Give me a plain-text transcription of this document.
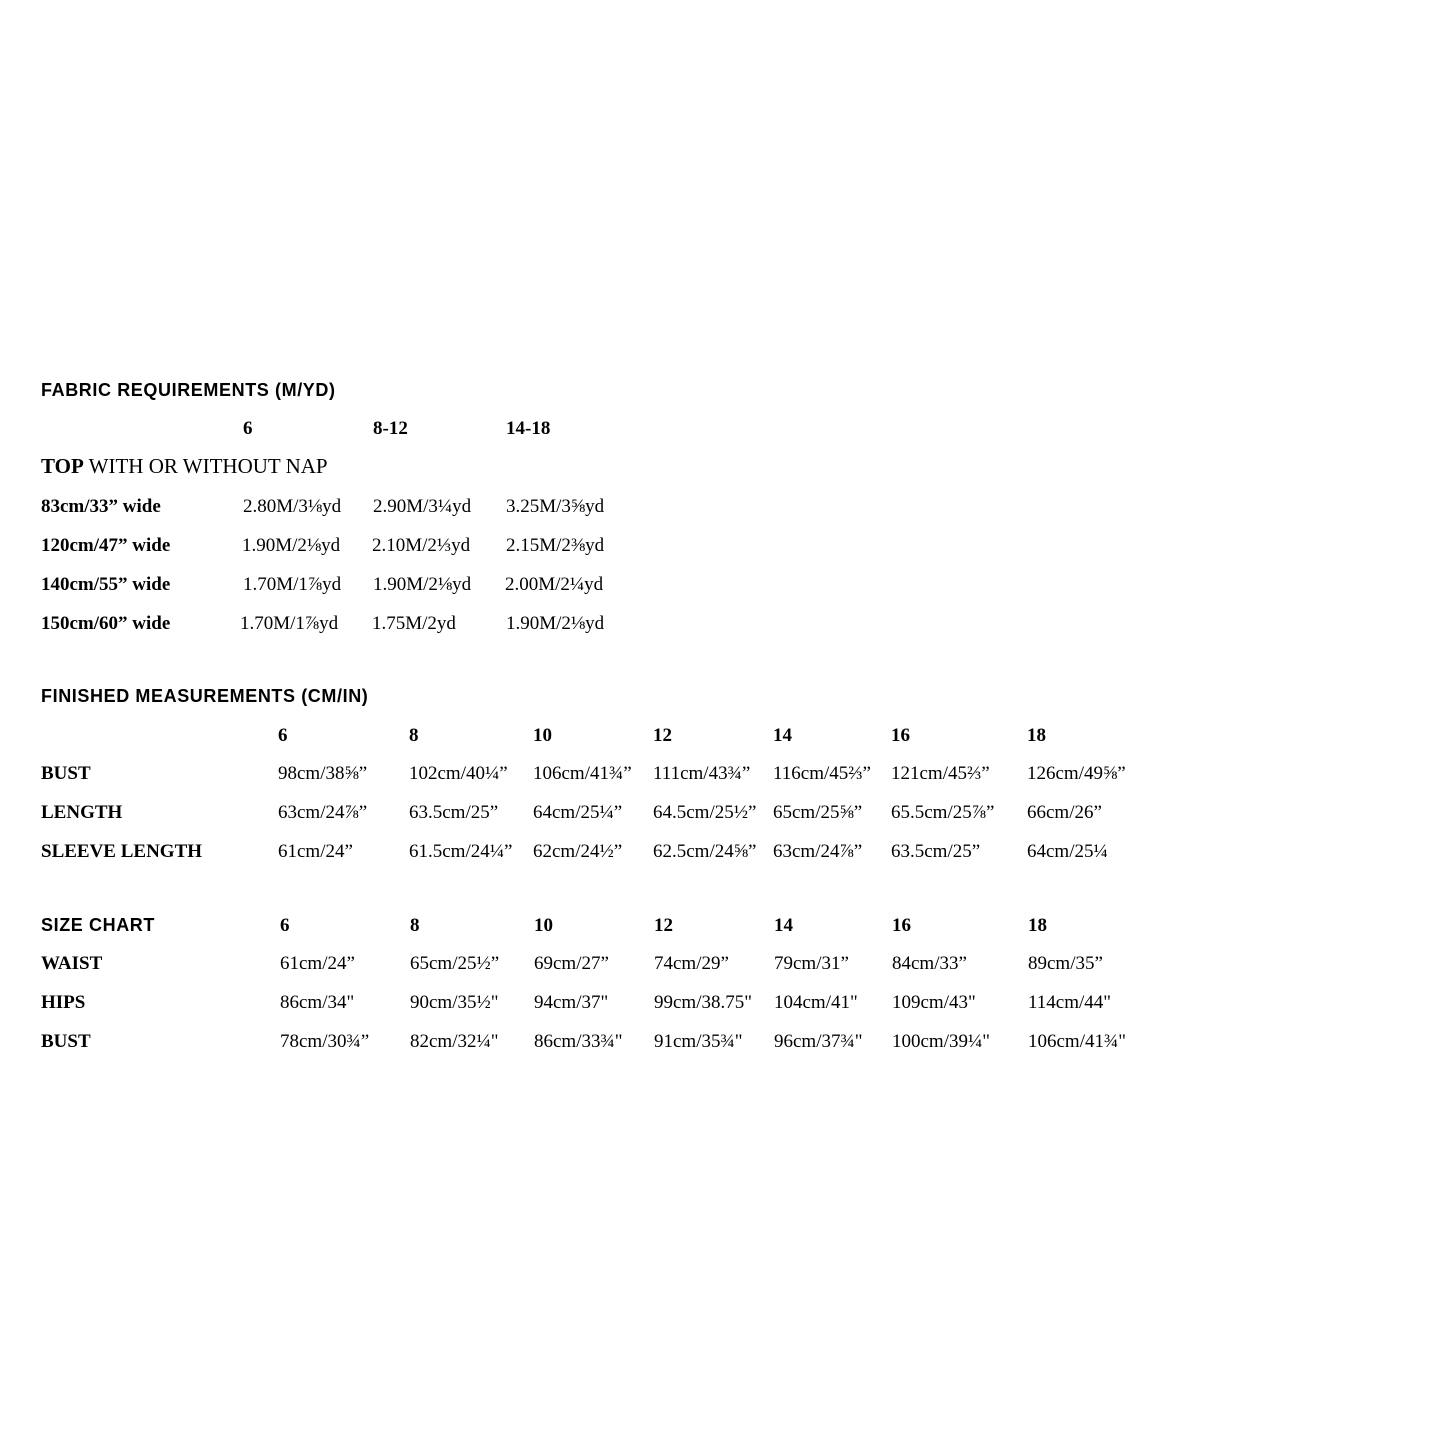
FABRIC REQUIREMENTS (M/YD)
6	8-12	14-18
TOP WITH OR WITHOUT NAP
83cm/33” wide	2.80M/3⅛yd 2.90M/3¼yd 3.25M/3⅝yd
120cm/47” wide	1.90M/2⅛yd 2.10M/2⅓yd 2.15M/2⅜yd
140cm/55” wide	1.70M/1⅞yd 1.90M/2⅛yd 2.00M/2¼yd
150cm/60” wide	1.70M/1⅞yd 1.75M/2yd	1.90M/2⅛yd
FINISHED MEASUREMENTS (CM/IN)
6	8	10	12	14	16	18
BUST	98cm/38⅝” 102cm/40¼” 106cm/41¾” 111cm/43¾” 116cm/45⅔” 121cm/45⅔” 126cm/49⅝”
LENGTH	63cm/24⅞” 63.5cm/25” 64cm/25¼” 64.5cm/25½” 65cm/25⅝” 65.5cm/25⅞” 66cm/26”
SLEEVE LENGTH	61cm/24”	61.5cm/24¼” 62cm/24½” 62.5cm/24⅝” 63cm/24⅞” 63.5cm/25” 64cm/25¼
SIZE CHART	6	8	10	12	14	16	18
WAIST	61cm/24”	65cm/25½” 69cm/27” 74cm/29” 79cm/31” 84cm/33”	89cm/35”
HIPS	86cm/34"	90cm/35½" 94cm/37" 99cm/38.75" 104cm/41" 109cm/43"	114cm/44"
BUST	78cm/30¾” 82cm/32¼" 86cm/33¾" 91cm/35¾" 96cm/37¾" 100cm/39¼" 106cm/41¾"
